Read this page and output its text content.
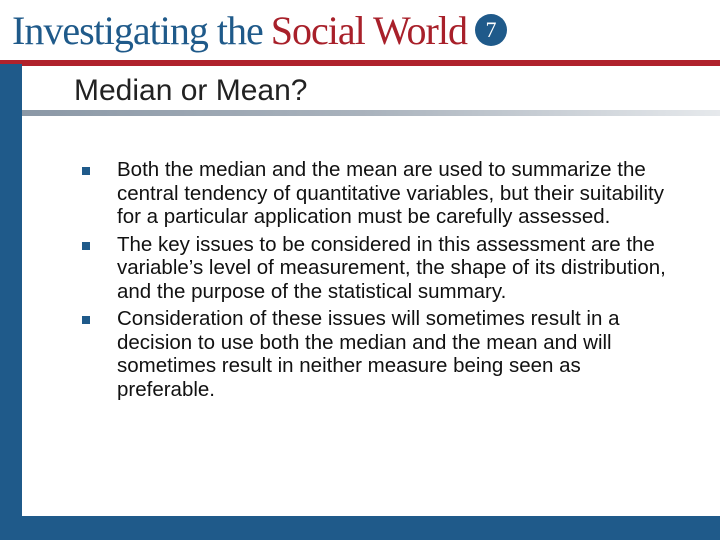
Investigating the Social World 7
Median or Mean?
Both the median and the mean are used to summarize the central tendency of quantitative variables, but their suitability for a particular application must be carefully assessed.
The key issues to be considered in this assessment are the variable’s level of measurement, the shape of its distribution, and the purpose of the statistical summary.
Consideration of these issues will sometimes result in a decision to use both the median and the mean and will sometimes result in neither measure being seen as preferable.
